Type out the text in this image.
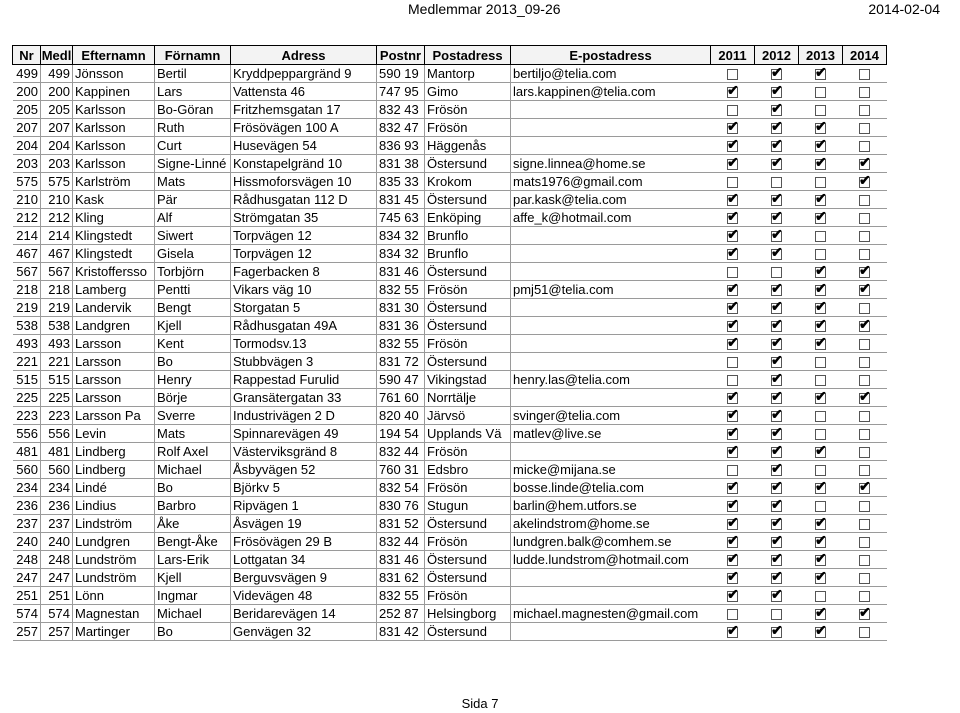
Medlemmar 2013_09-26	2014-02-04
Nr	Medl	Efternamn	Förnamn	Adress	Postnr	Postadress	E-postadress	2011	2012	2013	2014
499	499	Jönsson	Bertil	Kryddpeppargränd 9	590 19	Mantorp	bertiljo@telia.com		✔	✔	

200	200	Kappinen	Lars	Vattensta 46	747 95	Gimo	lars.kappinen@telia.com	✔	✔		

205	205	Karlsson	Bo-Göran	Fritzhemsgatan 17	832 43	Frösön			✔		

207	207	Karlsson	Ruth	Frösövägen 100 A	832 47	Frösön		✔	✔	✔	

204	204	Karlsson	Curt	Husevägen 54	836 93	Häggenås		✔	✔	✔	

203	203	Karlsson	Signe-Linné	Konstapelgränd 10	831 38	Östersund	signe.linnea@home.se	✔	✔	✔	✔

575	575	Karlström	Mats	Hissmoforsvägen 10	835 33	Krokom	mats1976@gmail.com				✔

210	210	Kask	Pär	Rådhusgatan 112 D	831 45	Östersund	par.kask@telia.com	✔	✔	✔	

212	212	Kling	Alf	Strömgatan 35	745 63	Enköping	affe_k@hotmail.com	✔	✔	✔	

214	214	Klingstedt	Siwert	Torpvägen 12	834 32	Brunflo		✔	✔		

467	467	Klingstedt	Gisela	Torpvägen 12	834 32	Brunflo		✔	✔		

567	567	Kristoffersso	Torbjörn	Fagerbacken 8	831 46	Östersund				✔	✔

218	218	Lamberg	Pentti	Vikars väg 10	832 55	Frösön	pmj51@telia.com	✔	✔	✔	✔

219	219	Landervik	Bengt	Storgatan 5	831 30	Östersund		✔	✔	✔	

538	538	Landgren	Kjell	Rådhusgatan 49A	831 36	Östersund		✔	✔	✔	✔

493	493	Larsson	Kent	Tormodsv.13	832 55	Frösön		✔	✔	✔	

221	221	Larsson	Bo	Stubbvägen 3	831 72	Östersund			✔		

515	515	Larsson	Henry	Rappestad Furulid	590 47	Vikingstad	henry.las@telia.com		✔		

225	225	Larsson	Börje	Gransätergatan 33	761 60	Norrtälje		✔	✔	✔	✔

223	223	Larsson Pa	Sverre	Industrivägen 2 D	820 40	Järvsö	svinger@telia.com	✔	✔		

556	556	Levin	Mats	Spinnarevägen 49	194 54	Upplands Vä	matlev@live.se	✔	✔		

481	481	Lindberg	Rolf Axel	Västerviksgränd 8	832 44	Frösön		✔	✔	✔	

560	560	Lindberg	Michael	Åsbyvägen 52	760 31	Edsbro	micke@mijana.se		✔		

234	234	Lindé	Bo	Björkv 5	832 54	Frösön	bosse.linde@telia.com	✔	✔	✔	✔

236	236	Lindius	Barbro	Ripvägen 1	830 76	Stugun	barlin@hem.utfors.se	✔	✔		

237	237	Lindström	Åke	Åsvägen 19	831 52	Östersund	akelindstrom@home.se	✔	✔	✔	

240	240	Lundgren	Bengt-Åke	Frösövägen 29 B	832 44	Frösön	lundgren.balk@comhem.se	✔	✔	✔	

248	248	Lundström	Lars-Erik	Lottgatan 34	831 46	Östersund	ludde.lundstrom@hotmail.com	✔	✔	✔	

247	247	Lundström	Kjell	Berguvsvägen 9	831 62	Östersund		✔	✔	✔	

251	251	Lönn	Ingmar	Videvägen 48	832 55	Frösön		✔	✔		

574	574	Magnestan	Michael	Beridarevägen 14	252 87	Helsingborg	michael.magnesten@gmail.com			✔	✔

257	257	Martinger	Bo	Genvägen 32	831 42	Östersund		✔	✔	✔	

Sida 7
